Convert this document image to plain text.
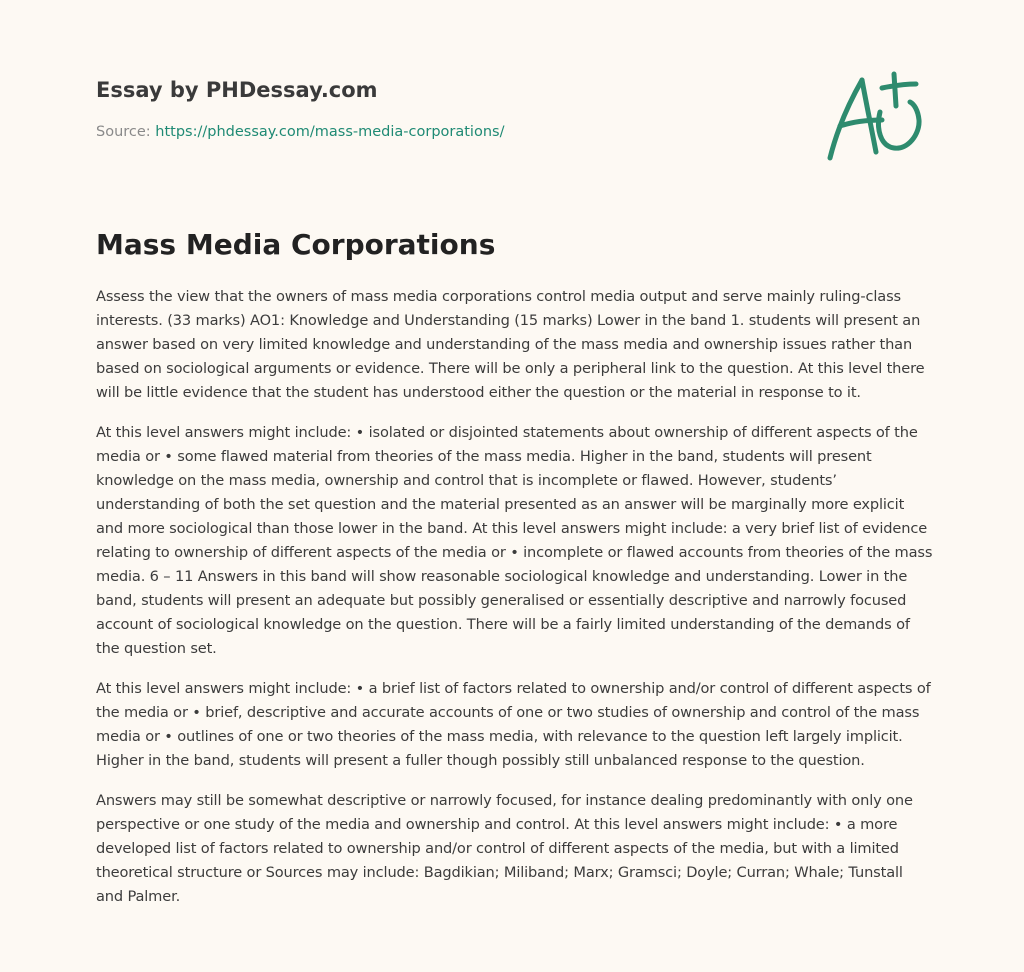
Essay by PHDessay.com
Source: https://phdessay.com/mass-media-corporations/
Mass Media Corporations

Assess the view that the owners of mass media corporations control media output and serve mainly ruling-class interests. (33 marks) AO1: Knowledge and Understanding (15 marks) Lower in the band 1. students will present an answer based on very limited knowledge and understanding of the mass media and ownership issues rather than based on sociological arguments or evidence. There will be only a peripheral link to the question. At this level there will be little evidence that the student has understood either the question or the material in response to it.

At this level answers might include: • isolated or disjointed statements about ownership of different aspects of the media or • some flawed material from theories of the mass media. Higher in the band, students will present knowledge on the mass media, ownership and control that is incomplete or flawed. However, students’ understanding of both the set question and the material presented as an answer will be marginally more explicit and more sociological than those lower in the band. At this level answers might include: a very brief list of evidence relating to ownership of different aspects of the media or • incomplete or flawed accounts from theories of the mass media. 6 – 11 Answers in this band will show reasonable sociological knowledge and understanding. Lower in the band, students will present an adequate but possibly generalised or essentially descriptive and narrowly focused account of sociological knowledge on the question. There will be a fairly limited understanding of the demands of the question set.

At this level answers might include: • a brief list of factors related to ownership and/or control of different aspects of the media or • brief, descriptive and accurate accounts of one or two studies of ownership and control of the mass media or • outlines of one or two theories of the mass media, with relevance to the question left largely implicit. Higher in the band, students will present a fuller though possibly still unbalanced response to the question.

Answers may still be somewhat descriptive or narrowly focused, for instance dealing predominantly with only one perspective or one study of the media and ownership and control. At this level answers might include: • a more developed list of factors related to ownership and/or control of different aspects of the media, but with a limited theoretical structure or Sources may include: Bagdikian; Miliband; Marx; Gramsci; Doyle; Curran; Whale; Tunstall and Palmer.
